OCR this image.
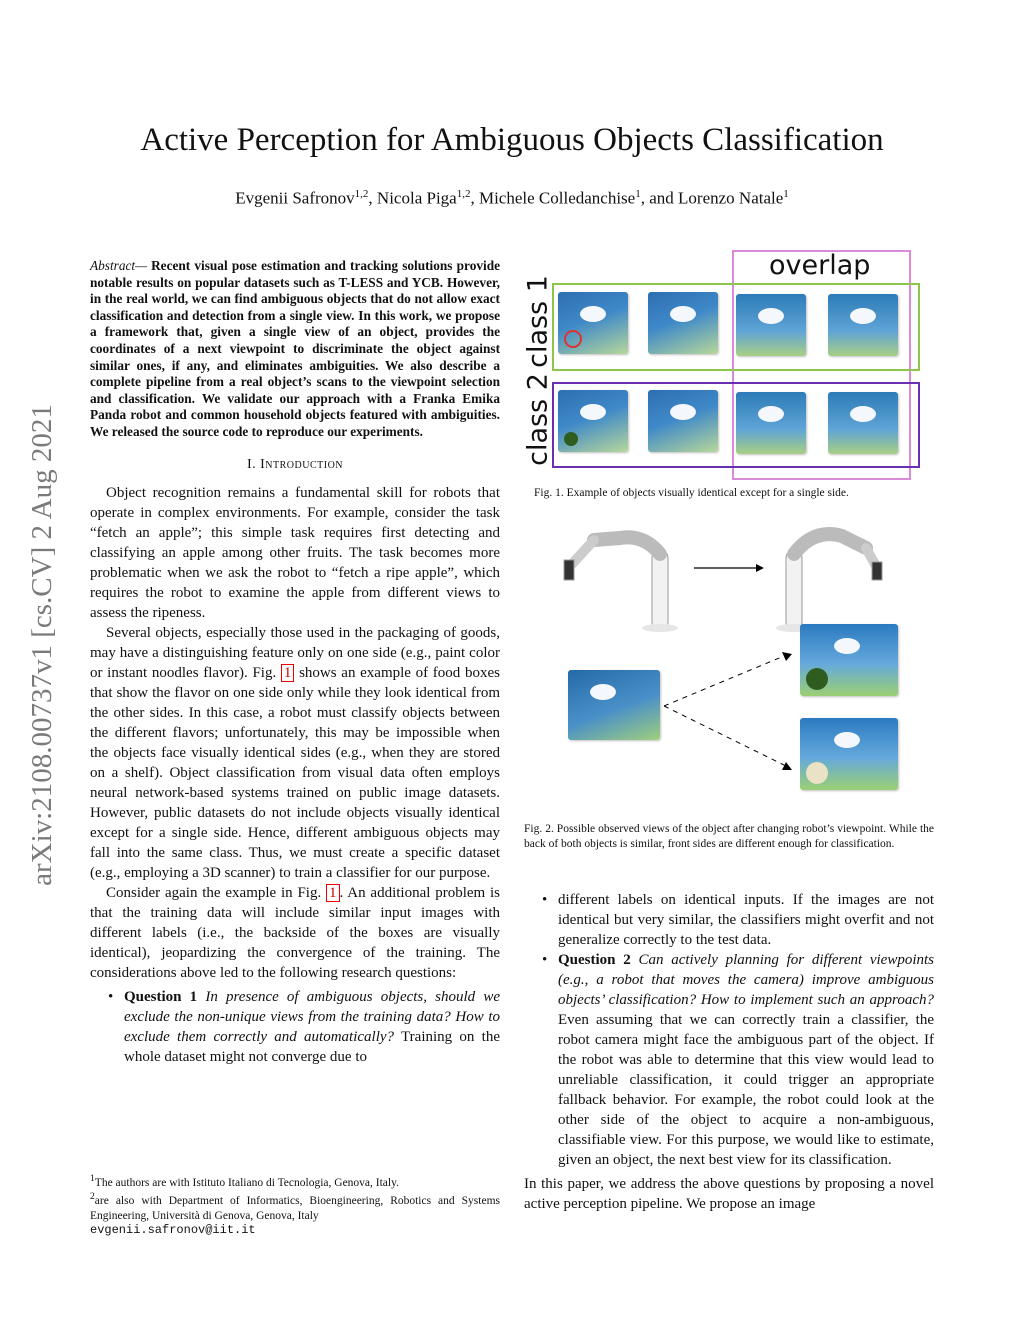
Active Perception for Ambiguous Objects Classification
Evgenii Safronov$^{1,2}$, Nicola Piga$^{1,2}$, Michele Colledanchise$^1$, and Lorenzo Natale$^1$
arXiv:2108.00737v1 [cs.CV] 2 Aug 2021
Abstract— Recent visual pose estimation and tracking solutions provide notable results on popular datasets such as T-LESS and YCB. However, in the real world, we can find ambiguous objects that do not allow exact classification and detection from a single view. In this work, we propose a framework that, given a single view of an object, provides the coordinates of a next viewpoint to discriminate the object against similar ones, if any, and eliminates ambiguities. We also describe a complete pipeline from a real object’s scans to the viewpoint selection and classification. We validate our approach with a Franka Emika Panda robot and common household objects featured with ambiguities. We released the source code to reproduce our experiments.
I. Introduction

Object recognition remains a fundamental skill for robots that operate in complex environments. For example, consider the task “fetch an apple”; this simple task requires first detecting and classifying an apple among other fruits. The task becomes more problematic when we ask the robot to “fetch a ripe apple”, which requires the robot to examine the apple from different views to assess the ripeness.

Several objects, especially those used in the packaging of goods, may have a distinguishing feature only on one side (e.g., paint color or instant noodles flavor). Fig. 1 shows an example of food boxes that show the flavor on one side only while they look identical from the other sides. In this case, a robot must classify objects between the different flavors; unfortunately, this may be impossible when the objects face visually identical sides (e.g., when they are stored on a shelf). Object classification from visual data often employs neural network-based systems trained on public image datasets. However, public datasets do not include objects visually identical except for a single side. Hence, different ambiguous objects may fall into the same class. Thus, we must create a specific dataset (e.g., employing a 3D scanner) to train a classifier for our purpose.

Consider again the example in Fig. 1 . An additional problem is that the training data will include similar input images with different labels (i.e., the backside of the boxes are visually identical), jeopardizing the convergence of the training. The considerations above led to the following research questions:

• Question 1 In presence of ambiguous objects, should we exclude the non-unique views from the training data? How to exclude them correctly and automatically? Training on the whole dataset might not converge due to
$^1$The authors are with Istituto Italiano di Tecnologia, Genova, Italy.
$^2$are also with Department of Informatics, Bioengineering, Robotics and Systems Engineering, Università di Genova, Genova, Italy
evgenii.safronov@iit.it
overlap
class 1
class 2
Fig. 1. Example of objects visually identical except for a single side.
Fig. 2. Possible observed views of the object after changing robot’s viewpoint. While the back of both objects is similar, front sides are different enough for classification.
• different labels on identical inputs. If the images are not identical but very similar, the classifiers might overfit and not generalize correctly to the test data.
• Question 2 Can actively planning for different viewpoints (e.g., a robot that moves the camera) improve ambiguous objects’ classification? How to implement such an approach? Even assuming that we can correctly train a classifier, the robot camera might face the ambiguous part of the object. If the robot was able to determine that this view would lead to unreliable classification, it could trigger an appropriate fallback behavior. For example, the robot could look at the other side of the object to acquire a non-ambiguous, classifiable view. For this purpose, we would like to estimate, given an object, the next best view for its classification.

In this paper, we address the above questions by proposing a novel active perception pipeline. We propose an image
